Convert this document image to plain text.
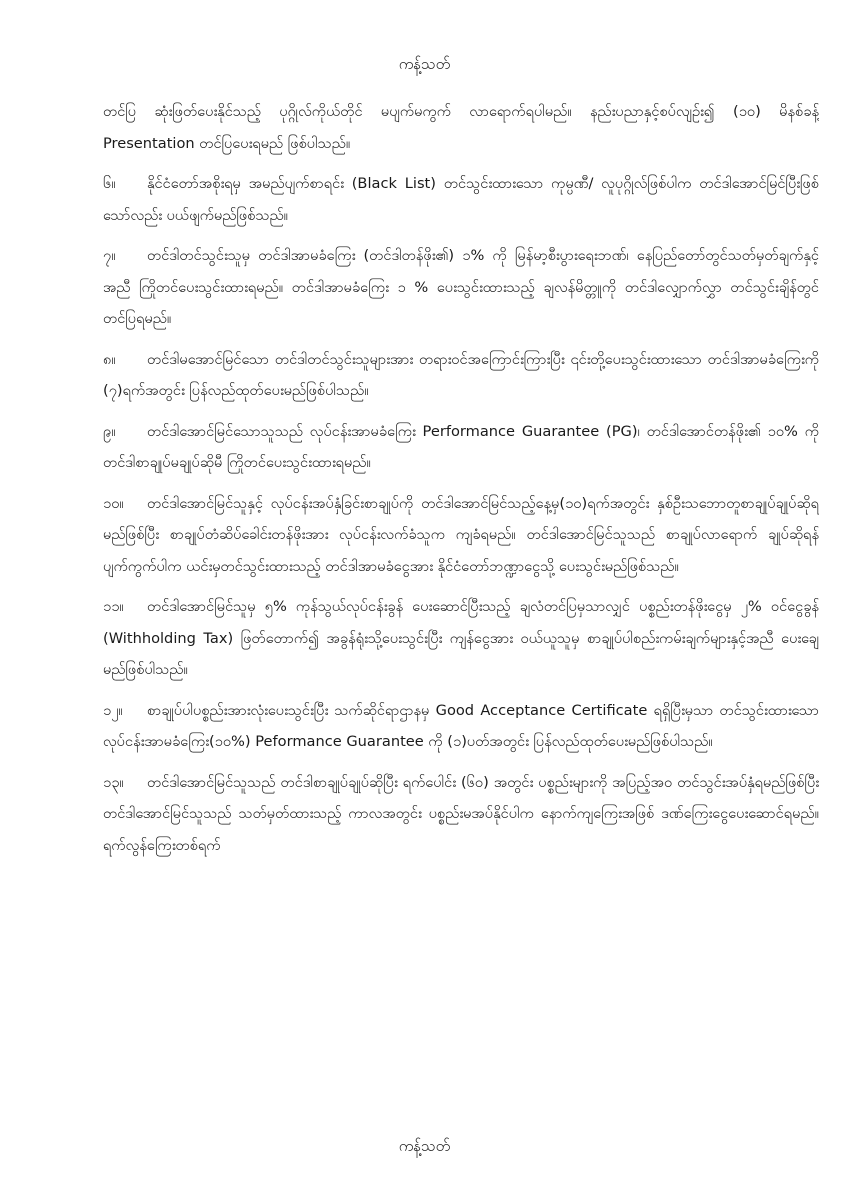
ကန့်သတ်

တင်ပြ ဆုံးဖြတ်ပေးနိုင်သည့် ပုဂ္ဂိုလ်ကိုယ်တိုင် မပျက်မကွက် လာရောက်ရပါမည်။ နည်းပညာနှင့်စပ်လျဉ်း၍ (၁၀) မိနစ်ခန့် Presentation တင်ပြပေးရမည် ဖြစ်ပါသည်။

၆။ နိုင်ငံတော်အစိုးရမှ အမည်ပျက်စာရင်း (Black List) တင်သွင်းထားသော ကုမ္ပဏီ/ လူပုဂ္ဂိုလ်ဖြစ်ပါက တင်ဒါအောင်မြင်ပြီးဖြစ်သော်လည်း ပယ်ဖျက်မည်ဖြစ်သည်။

၇။ တင်ဒါတင်သွင်းသူမှ တင်ဒါအာမခံကြေး (တင်ဒါတန်ဖိုး၏) ၁% ကို မြန်မာ့စီးပွားရေးဘဏ်၊ နေပြည်တော်တွင်သတ်မှတ်ချက်နှင့်အညီ ကြိုတင်ပေးသွင်းထားရမည်။ တင်ဒါအာမခံကြေး ၁ % ပေးသွင်းထားသည့် ချလန်မိတ္တူကို တင်ဒါလျှောက်လွှာ တင်သွင်းချိန်တွင် တင်ပြရမည်။

၈။ တင်ဒါမအောင်မြင်သော တင်ဒါတင်သွင်းသူများအား တရားဝင်အကြောင်းကြားပြီး ၎င်းတို့ပေးသွင်းထားသော တင်ဒါအာမခံကြေးကို (၇)ရက်အတွင်း ပြန်လည်ထုတ်ပေးမည်ဖြစ်ပါသည်။

၉။ တင်ဒါအောင်မြင်သောသူသည် လုပ်ငန်းအာမခံကြေး Performance Guarantee (PG)၊ တင်ဒါအောင်တန်ဖိုး၏ ၁၀% ကို တင်ဒါစာချုပ်မချုပ်ဆိုမီ ကြိုတင်ပေးသွင်းထားရမည်။

၁၀။ တင်ဒါအောင်မြင်သူနှင့် လုပ်ငန်းအပ်နှံခြင်းစာချုပ်ကို တင်ဒါအောင်မြင်သည့်နေ့မှ(၁၀)ရက်အတွင်း နှစ်ဦးသဘောတူစာချုပ်ချုပ်ဆိုရမည်ဖြစ်ပြီး စာချုပ်တံဆိပ်ခေါင်းတန်ဖိုးအား လုပ်ငန်းလက်ခံသူက ကျခံရမည်။ တင်ဒါအောင်မြင်သူသည် စာချုပ်လာရောက် ချုပ်ဆိုရန် ပျက်ကွက်ပါက ယင်းမှတင်သွင်းထားသည့် တင်ဒါအာမခံငွေအား နိုင်ငံတော်ဘဏ္ဍာငွေသို့ ပေးသွင်းမည်ဖြစ်သည်။

၁၁။ တင်ဒါအောင်မြင်သူမှ ၅% ကုန်သွယ်လုပ်ငန်းခွန် ပေးဆောင်ပြီးသည့် ချလံတင်ပြမှသာလျှင် ပစ္စည်းတန်ဖိုးငွေမှ ၂% ဝင်ငွေခွန် (Withholding Tax) ဖြတ်တောက်၍ အခွန်ရုံးသို့ပေးသွင်းပြီး ကျန်ငွေအား ဝယ်ယူသူမှ စာချုပ်ပါစည်းကမ်းချက်များနှင့်အညီ ပေးချေမည်ဖြစ်ပါသည်။

၁၂။ စာချုပ်ပါပစ္စည်းအားလုံးပေးသွင်းပြီး သက်ဆိုင်ရာဌာနမှ Good Acceptance Certificate ရရှိပြီးမှသာ တင်သွင်းထားသော လုပ်ငန်းအာမခံကြေး(၁၀%) Peformance Guarantee ကို (၁)ပတ်အတွင်း ပြန်လည်ထုတ်ပေးမည်ဖြစ်ပါသည်။

၁၃။ တင်ဒါအောင်မြင်သူသည် တင်ဒါစာချုပ်ချုပ်ဆိုပြီး ရက်ပေါင်း (၆၀) အတွင်း ပစ္စည်းများကို အပြည့်အဝ တင်သွင်းအပ်နှံရမည်ဖြစ်ပြီး တင်ဒါအောင်မြင်သူသည် သတ်မှတ်ထားသည့် ကာလအတွင်း ပစ္စည်းမအပ်နိုင်ပါက နောက်ကျကြေးအဖြစ် ဒဏ်ကြေးငွေပေးဆောင်ရမည်။ ရက်လွန်ကြေးတစ်ရက်

ကန့်သတ်
